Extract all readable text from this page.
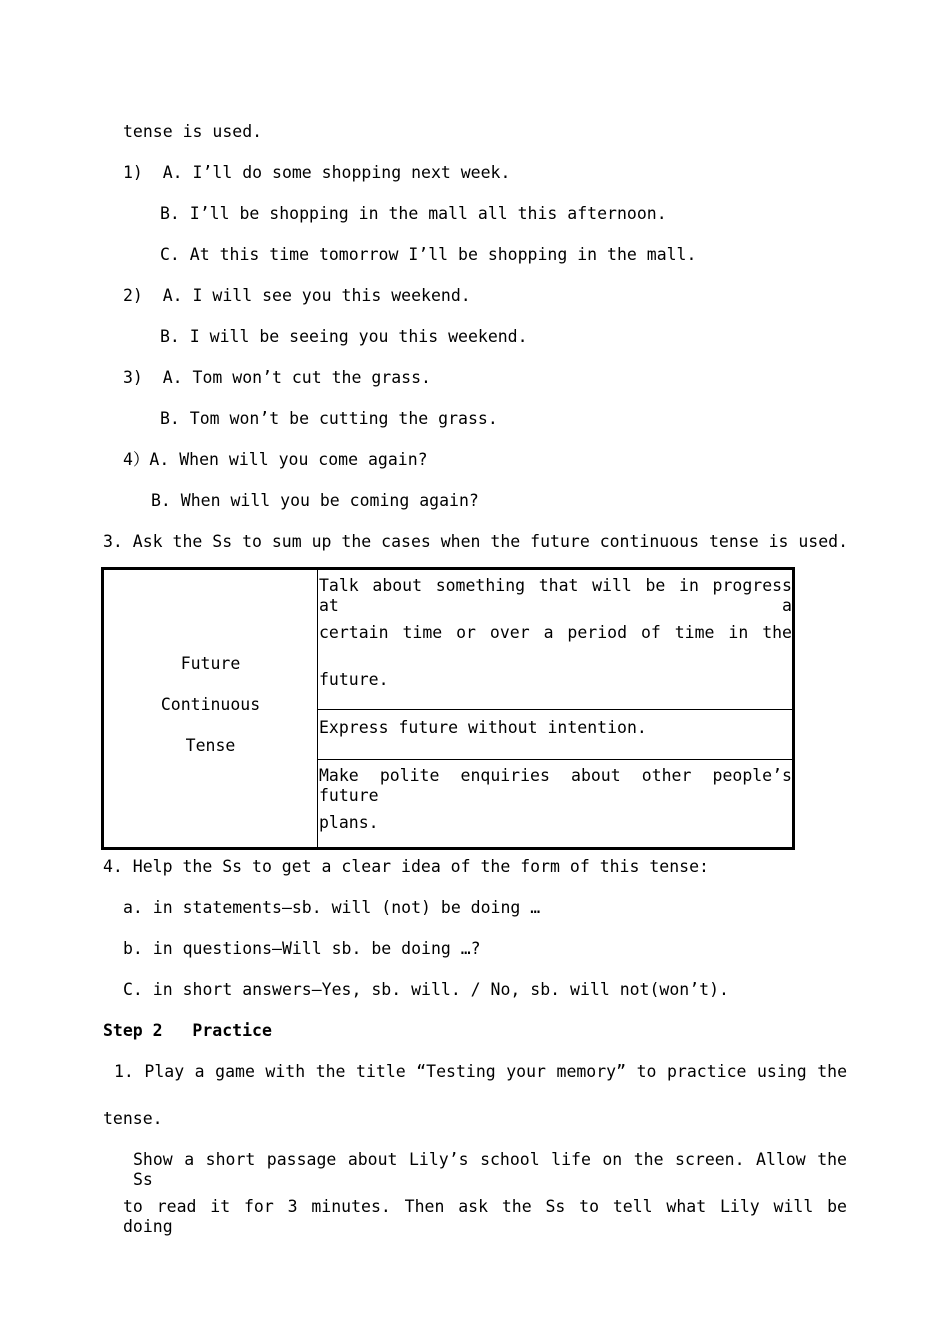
tense is used.
1)  A. I’ll do some shopping next week.
B. I’ll be shopping in the mall all this afternoon.
C. At this time tomorrow I’ll be shopping in the mall.
2)  A. I will see you this weekend.
B. I will be seeing you this weekend.
3)  A. Tom won’t cut the grass.
B. Tom won’t be cutting the grass.
4）A. When will you come again?
B. When will you be coming again?
3. Ask the Ss to sum up the cases when the future continuous tense is used.
Future
Continuous
Tense
Talk about something that will be in progress at a
certain time or over a period of time in the
future.
Express future without intention.
Make polite enquiries about other people’s future
plans.
4. Help the Ss to get a clear idea of the form of this tense:
a. in statements—sb. will (not) be doing …
b. in questions—Will sb. be doing …?
C. in short answers—Yes, sb. will. / No, sb. will not(won’t).
Step 2   Practice
1. Play a game with the title “Testing your memory” to practice using the
tense.
Show a short passage about Lily’s school life on the screen. Allow the Ss
to read it for 3 minutes. Then ask the Ss to tell what Lily will be doing
